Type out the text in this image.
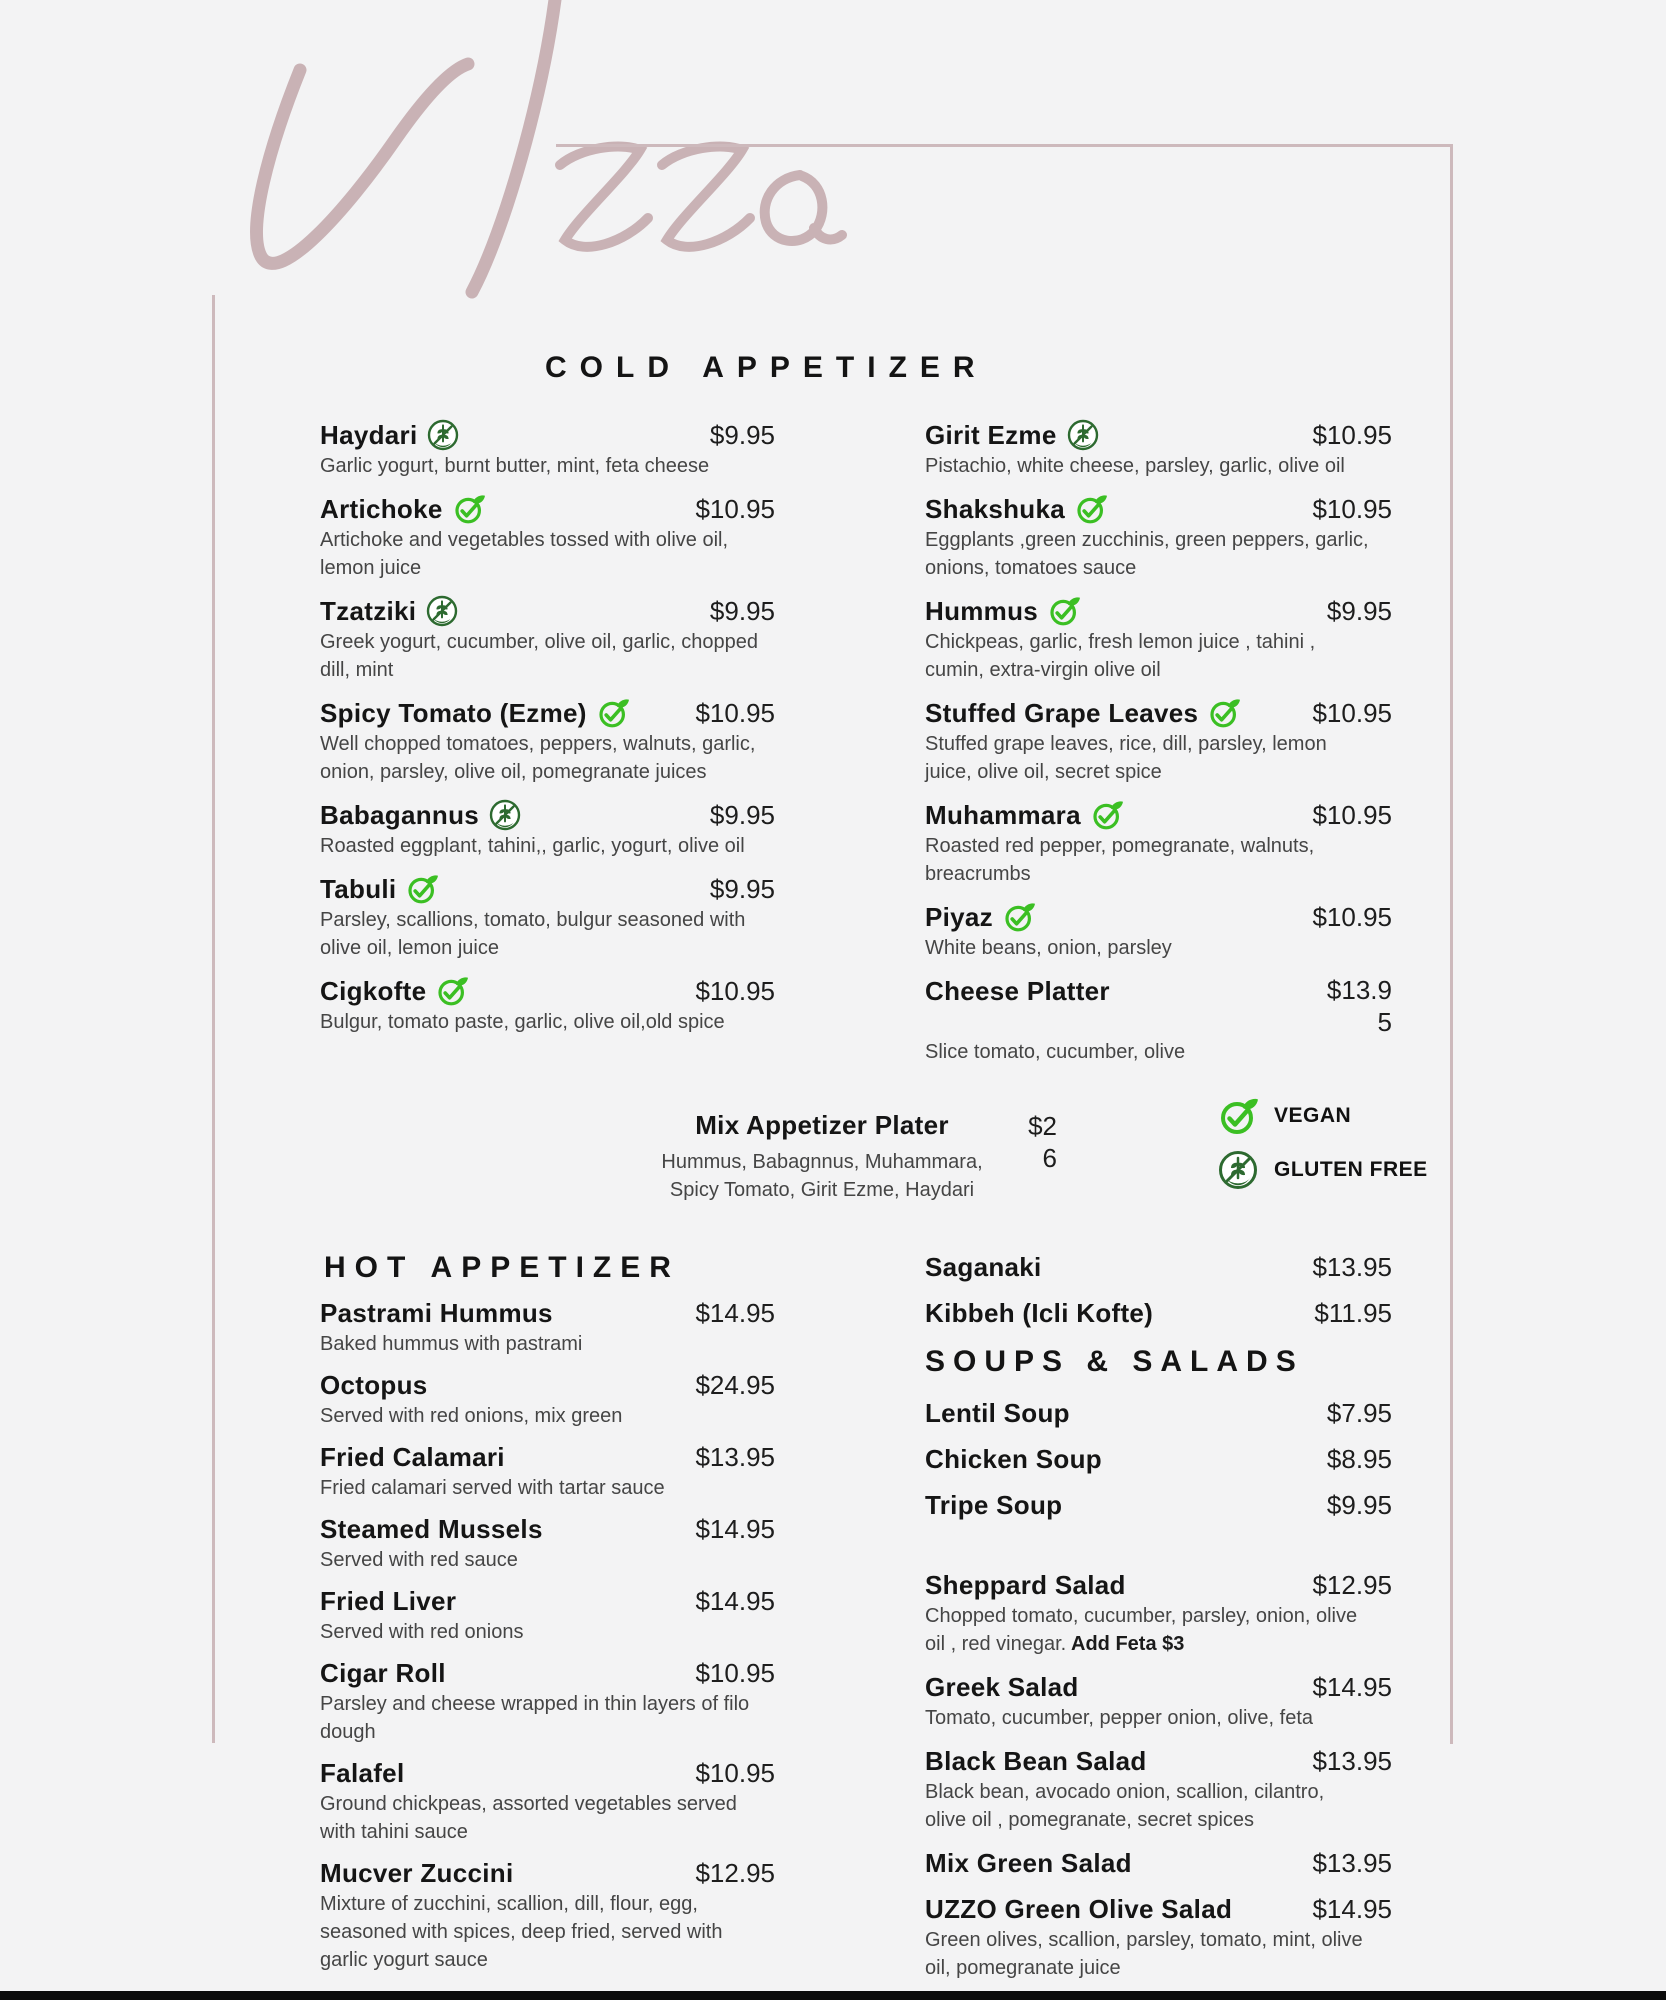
COLD APPETIZER
Haydari	$9.95
Garlic yogurt, burnt butter, mint, feta cheese
Artichoke	$10.95
Artichoke and vegetables tossed with olive oil, lemon juice
Tzatziki	$9.95
Greek yogurt, cucumber, olive oil, garlic, chopped dill, mint
Spicy Tomato (Ezme)	$10.95
Well chopped tomatoes, peppers, walnuts, garlic, onion, parsley, olive oil, pomegranate juices
Babagannus	$9.95
Roasted eggplant, tahini,, garlic, yogurt, olive oil
Tabuli	$9.95
Parsley, scallions, tomato, bulgur seasoned with olive oil, lemon juice
Cigkofte	$10.95
Bulgur, tomato paste, garlic, olive oil,old spice
Girit Ezme	$10.95
Pistachio, white cheese, parsley, garlic, olive oil
Shakshuka	$10.95
Eggplants ,green zucchinis, green peppers, garlic, onions, tomatoes sauce
Hummus	$9.95
Chickpeas, garlic, fresh lemon juice , tahini , cumin, extra-virgin olive oil
Stuffed Grape Leaves	$10.95
Stuffed grape leaves, rice, dill, parsley, lemon juice, olive oil, secret spice
Muhammara	$10.95
Roasted red pepper, pomegranate, walnuts, breacrumbs
Piyaz	$10.95
White beans, onion, parsley
Cheese Platter	$13.95
Slice tomato, cucumber, olive
Mix Appetizer Plater	$26
Hummus, Babagnnus, Muhammara, Spicy Tomato, Girit Ezme, Haydari
VEGAN
GLUTEN FREE
HOT APPETIZER
Pastrami Hummus	$14.95
Baked hummus with pastrami
Octopus	$24.95
Served with red onions, mix green
Fried Calamari	$13.95
Fried calamari served with tartar sauce
Steamed Mussels	$14.95
Served with red sauce
Fried Liver	$14.95
Served with red onions
Cigar Roll	$10.95
Parsley and cheese wrapped in thin layers of filo dough
Falafel	$10.95
Ground chickpeas, assorted vegetables served with tahini sauce
Mucver Zuccini	$12.95
Mixture of zucchini, scallion, dill, flour, egg, seasoned with spices, deep fried, served with garlic yogurt sauce
Saganaki	$13.95
Kibbeh (Icli Kofte)	$11.95
SOUPS & SALADS
Lentil Soup	$7.95
Chicken Soup	$8.95
Tripe Soup	$9.95
Sheppard Salad	$12.95
Chopped tomato, cucumber, parsley, onion, olive oil , red vinegar. Add Feta $3
Greek Salad	$14.95
Tomato, cucumber, pepper onion, olive, feta
Black Bean Salad	$13.95
Black bean, avocado onion, scallion, cilantro, olive oil , pomegranate, secret spices
Mix Green Salad	$13.95
UZZO Green Olive Salad	$14.95
Green olives, scallion, parsley, tomato, mint, olive oil, pomegranate juice
